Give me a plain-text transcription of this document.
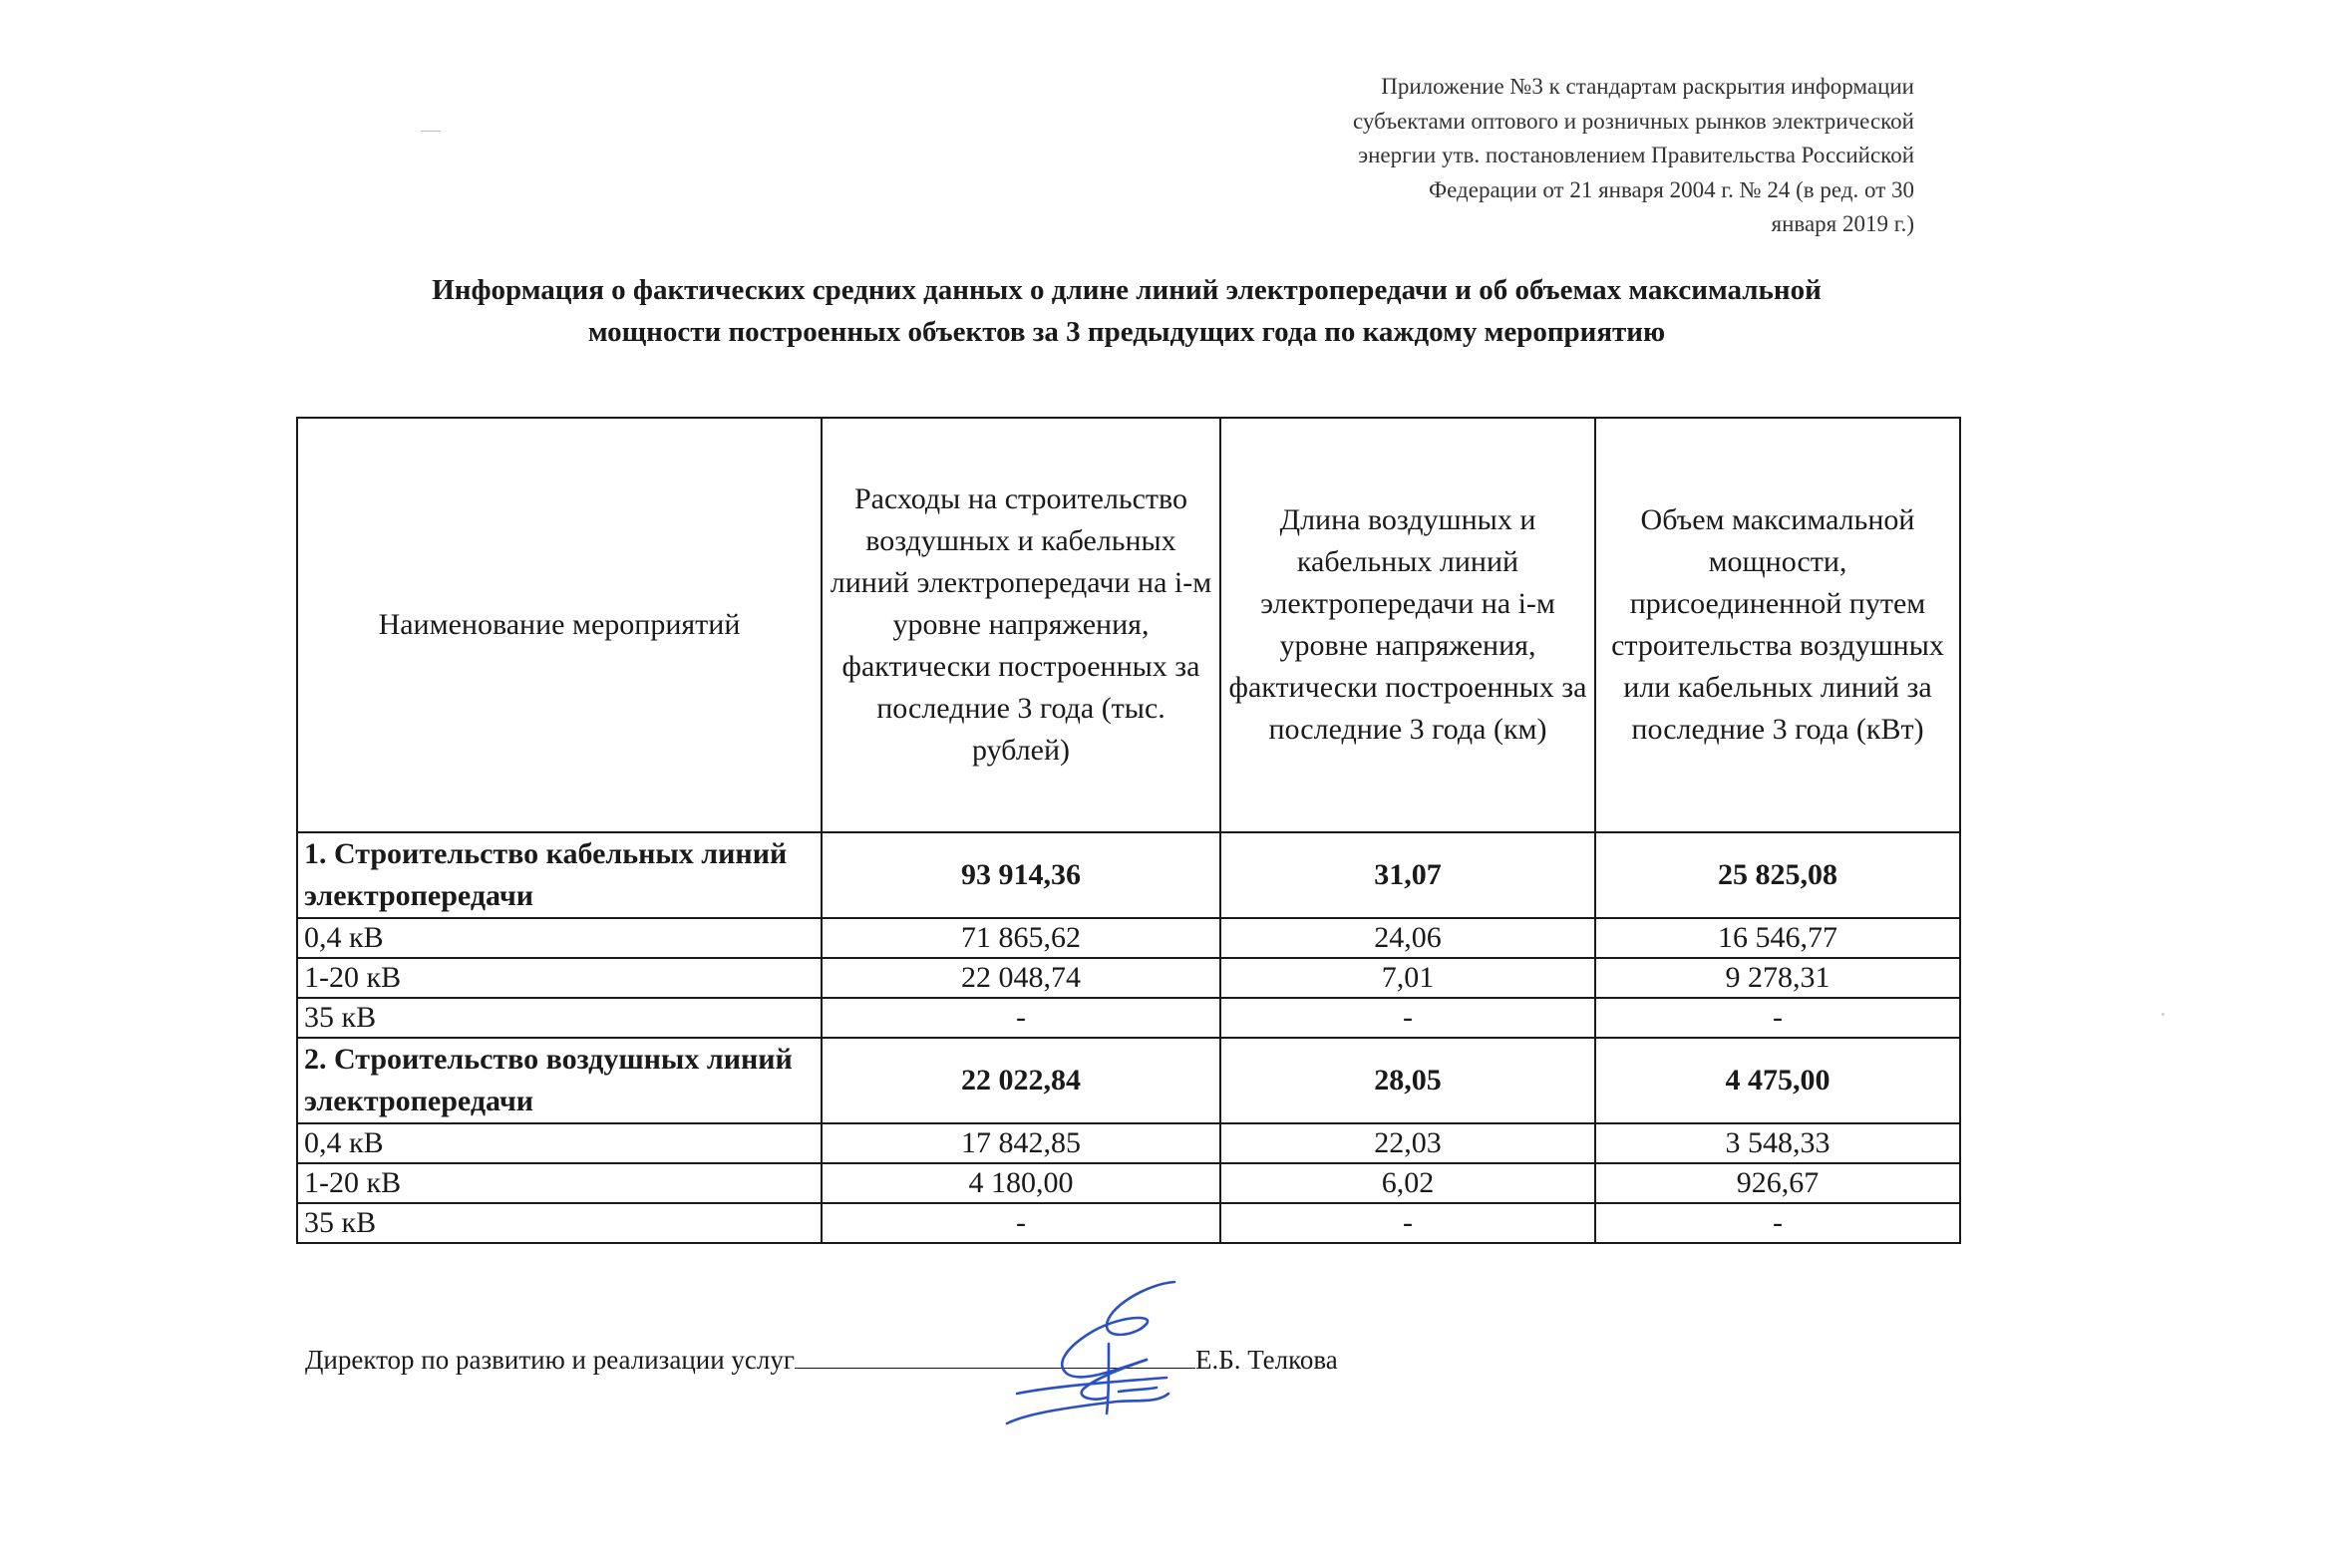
Приложение №3 к стандартам раскрытия информации
субъектами оптового и розничных рынков электрической
энергии утв. постановлением Правительства Российской
Федерации от 21 января 2004 г. № 24 (в ред. от 30
января 2019 г.)
Информация о фактических средних данных о длине линий электропередачи и об объемах максимальной
мощности построенных объектов за 3 предыдущих года по каждому мероприятию
Наименование мероприятий	Расходы на строительство воздушных и кабельных линий электропередачи на i-м уровне напряжения, фактически построенных за последние 3 года (тыс. рублей)	Длина воздушных и кабельных линий электропередачи на i-м уровне напряжения, фактически построенных за последние 3 года (км)	Объем максимальной мощности, присоединенной путем строительства воздушных или кабельных линий за последние 3 года (кВт)
1. Строительство кабельных линий электропередачи	93 914,36	31,07	25 825,08
0,4 кВ	71 865,62	24,06	16 546,77
1-20 кВ	22 048,74	7,01	9 278,31
35 кВ	-	-	-
2. Строительство воздушных линий электропередачи	22 022,84	28,05	4 475,00
0,4 кВ	17 842,85	22,03	3 548,33
1-20 кВ	4 180,00	6,02	926,67
35 кВ	-	-	-
Директор по развитию и реализации услуг	Е.Б. Телкова
